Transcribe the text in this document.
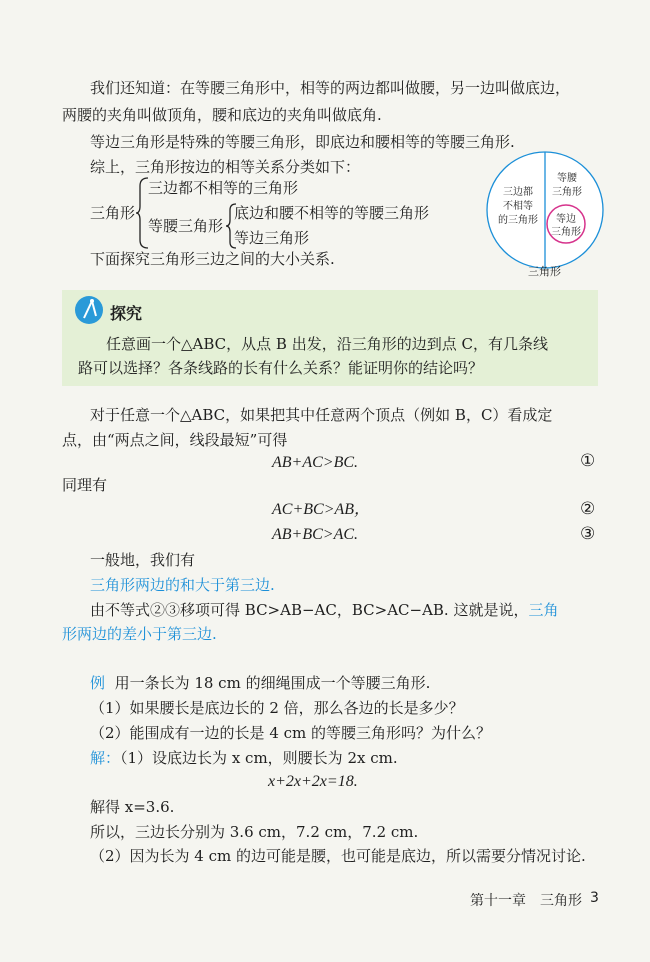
我们还知道：在等腰三角形中，相等的两边都叫做腰，另一边叫做底边，
两腰的夹角叫做顶角，腰和底边的夹角叫做底角.
等边三角形是特殊的等腰三角形，即底边和腰相等的等腰三角形.
综上，三角形按边的相等关系分类如下：
三角形
三边都不相等的三角形
等腰三角形
底边和腰不相等的等腰三角形
等边三角形
三边都
不相等
的三角形
等腰
三角形
等边
三角形
三角形
下面探究三角形三边之间的大小关系.
探究
任意画一个△ABC，从点 B 出发，沿三角形的边到点 C，有几条线
路可以选择？各条线路的长有什么关系？能证明你的结论吗？
对于任意一个△ABC，如果把其中任意两个顶点（例如 B，C）看成定
点，由“两点之间，线段最短”可得
AB+AC>BC.	①
同理有
AC+BC>AB，	②
AB+BC>AC.	③
一般地，我们有
三角形两边的和大于第三边.
由不等式②③移项可得 BC>AB−AC，BC>AC−AB. 这就是说，三角
形两边的差小于第三边.
例 用一条长为 18 cm 的细绳围成一个等腰三角形.
（1）如果腰长是底边长的 2 倍，那么各边的长是多少？
（2）能围成有一边的长是 4 cm 的等腰三角形吗？为什么？
解：（1）设底边长为 x cm，则腰长为 2x cm.
x+2x+2x=18.
解得 x=3.6.
所以，三边长分别为 3.6 cm，7.2 cm，7.2 cm.
（2）因为长为 4 cm 的边可能是腰，也可能是底边，所以需要分情况讨论.
第十一章　三角形 3
